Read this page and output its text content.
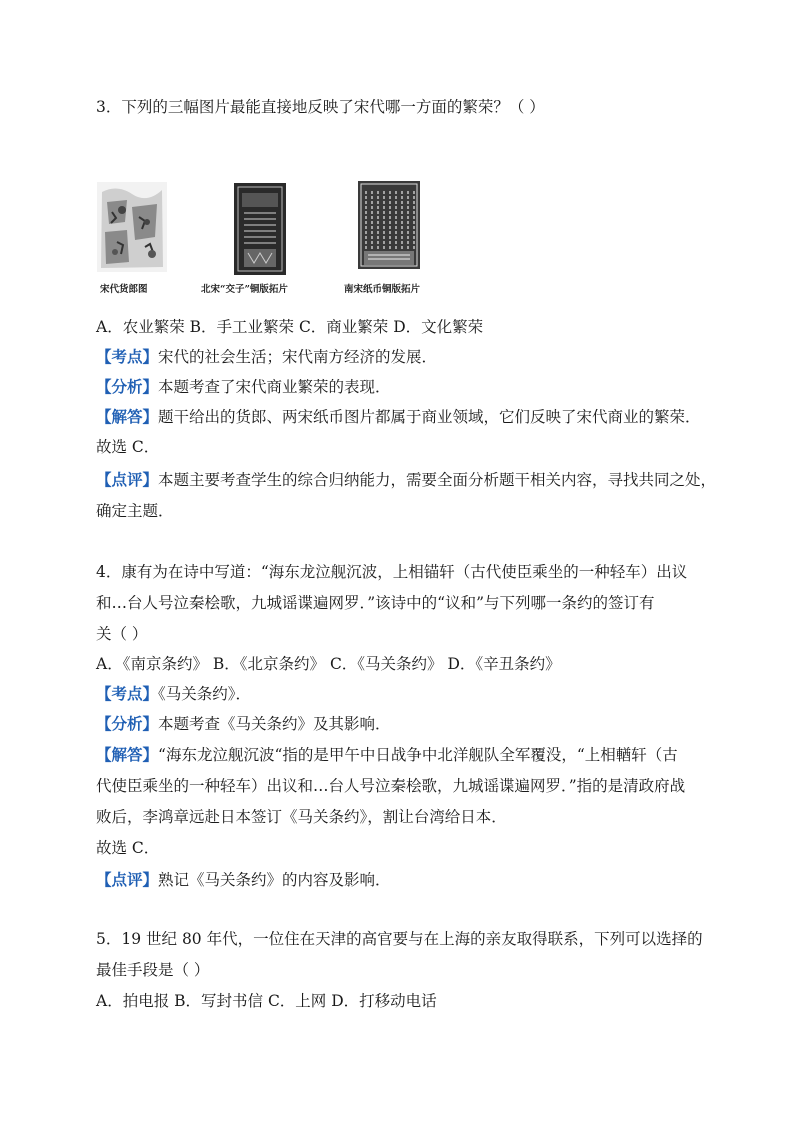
3．下列的三幅图片最能直接地反映了宋代哪一方面的繁荣？（ ）
宋代货郎图	北宋“交子”铜版拓片	南宋纸币铜版拓片
A．农业繁荣 B．手工业繁荣 C．商业繁荣 D．文化繁荣
【考点】宋代的社会生活；宋代南方经济的发展．
【分析】本题考查了宋代商业繁荣的表现．
【解答】题干给出的货郎、两宋纸币图片都属于商业领域，它们反映了宋代商业的繁荣．
故选 C．
【点评】本题主要考查学生的综合归纳能力，需要全面分析题干相关内容，寻找共同之处，
确定主题．
4．康有为在诗中写道：“海东龙泣舰沉波，上相锚轩（古代使臣乘坐的一种轻车）出议
和…台人号泣秦桧歌，九城谣谍遍网罗．”该诗中的“议和”与下列哪一条约的签订有
关（ ）
A．《南京条约》 B．《北京条约》 C．《马关条约》 D．《辛丑条约》
【考点】《马关条约》．
【分析】本题考查《马关条约》及其影响．
【解答】“海东龙泣舰沉波“指的是甲午中日战争中北洋舰队全军覆没，“上相輶轩（古
代使臣乘坐的一种轻车）出议和…台人号泣秦桧歌，九城谣谍遍网罗．”指的是清政府战
败后，李鸿章远赴日本签订《马关条约》，割让台湾给日本．
故选 C．
【点评】熟记《马关条约》的内容及影响．
5．19 世纪 80 年代，一位住在天津的高官要与在上海的亲友取得联系，下列可以选择的
最佳手段是（ ）
A．拍电报 B．写封书信 C．上网 D．打移动电话
